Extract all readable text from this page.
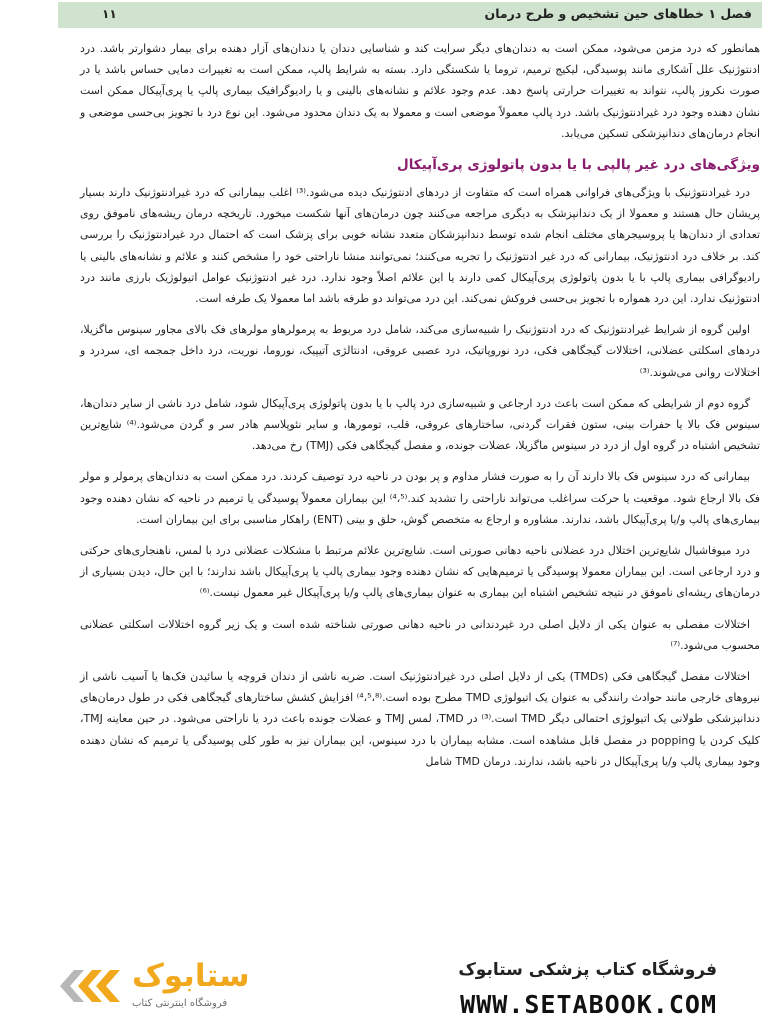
فصل ۱ خطاهای حین تشخیص و طرح درمان
۱۱

همانطور که درد مزمن می‌شود، ممکن است به دندان‌های دیگر سرایت کند و شناسایی دندان یا دندان‌های آزار دهنده برای بیمار دشوارتر باشد. درد ادنتوژنیک علل آشکاری مانند پوسیدگی، لیکیج ترمیم، تروما یا شکستگی دارد. بسته به شرایط پالپ، ممکن است به تغییرات دمایی حساس باشد یا در صورت نکروز پالپ، نتواند به تغییرات حرارتی پاسخ دهد. عدم وجود علائم و نشانه‌های بالینی و یا رادیوگرافیک بیماری پالپ یا پری‌آپیکال ممکن است نشان دهنده وجود درد غیرادنتوژنیک باشد. درد پالپ معمولاً موضعی است و معمولا به یک دندان محدود می‌شود. این نوع درد با تجویز بی‌حسی موضعی و انجام درمان‌های دندانپزشکی تسکین می‌یابد.

ویژگی‌های درد غیر پالپی با یا بدون پاتولوژی پری‌آپیکال

درد غیرادنتوژنیک با ویژگی‌های فراوانی همراه است که متفاوت از دردهای ادنتوژنیک دیده می‌شود.⁽³⁾ اغلب بیمارانی که درد غیرادنتوژنیک دارند بسیار پریشان حال هستند و معمولا از یک دندانپزشک به دیگری مراجعه می‌کنند چون درمان‌های آنها شکست میخورد. تاریخچه درمان ریشه‌های ناموفق روی تعدادی از دندان‌ها یا پروسیجرهای مختلف انجام شده توسط دندانپزشکان متعدد نشانه خوبی برای پزشک است که احتمال درد غیرادنتوژنیک را بررسی کند. بر خلاف درد ادنتوژنیک، بیمارانی که درد غیر ادنتوژنیک را تجربه می‌کنند؛ نمی‌توانند منشا ناراحتی خود را مشخص کنند و علائم و نشانه‌های بالینی یا رادیوگرافی بیماری پالپ با یا بدون پاتولوژی پری‌آپیکال کمی دارند یا این علائم اصلاً وجود ندارد. درد غیر ادنتوژنیک عوامل اتیولوژیک بارزی مانند درد ادنتوژنیک ندارد. این درد همواره با تجویز بی‌حسی فروکش نمی‌کند. این درد می‌تواند دو طرفه باشد اما معمولا یک طرفه است.

اولین گروه از شرایط غیرادنتوژنیک که درد ادنتوژنیک را شبیه‌سازی می‌کند، شامل درد مربوط به پرمولرهاو مولرهای فک بالای مجاور سینوس ماگزیلا، دردهای اسکلتی عضلانی، اختلالات گیجگاهی فکی، درد نوروپاتیک، درد عصبی عروقی، ادنتالژی آتیپیک، نوروما، نوریت، درد داخل جمجمه ای، سردرد و اختلالات روانی می‌شوند.⁽³⁾

گروه دوم از شرایطی که ممکن است باعث درد ارجاعی و شبیه‌سازی درد پالپ با یا بدون پاتولوژی پری‌آپیکال شود، شامل درد ناشی از سایر دندان‌ها، سینوس فک بالا یا حفرات بینی، ستون فقرات گردنی، ساختارهای عروقی، قلب، تومورها، و سایر نئوپلاسم هادر سر و گردن می‌شود.⁽⁴⁾ شایع‌ترین تشخیص اشتباه در گروه اول از درد در سینوس ماگزیلا، عضلات جونده، و مفصل گیجگاهی فکی (TMJ) رخ می‌دهد.

بیمارانی که درد سینوس فک بالا دارند آن را به صورت فشار مداوم و پر بودن در ناحیه درد توصیف کردند. درد ممکن است به دندان‌های پرمولر و مولر فک بالا ارجاع شود. موقعیت یا حرکت سرا‌غلب می‌تواند ناراحتی را تشدید کند.⁽⁴،⁵⁾ این بیماران معمولاً پوسیدگی یا ترمیم در ناحیه که نشان دهنده وجود بیماری‌های پالپ و/یا پری‌آپیکال باشد، ندارند. مشاوره و ارجاع به متخصص گوش، حلق و بینی (ENT) راهکار مناسبی برای این بیماران است.

درد میوفاشیال شایع‌ترین اختلال درد عضلانی ناحیه دهانی صورتی است. شایع‌ترین علائم مرتبط با مشکلات عضلانی درد با لمس، ناهنجاری‌های حرکتی و درد ارجاعی است. این بیماران معمولا پوسیدگی یا ترمیم‌هایی که نشان دهنده وجود بیماری پالپ یا پری‌آپیکال باشد ندارند؛ با این حال، دیدن بسیاری از درمان‌های ریشه‌ای ناموفق در نتیجه تشخیص اشتباه این بیماری به عنوان بیماری‌های پالپ و/یا پری‌آپیکال غیر معمول نیست.⁽⁶⁾

اختلالات مفصلی به عنوان یکی از دلایل اصلی درد غیردندانی در ناحیه دهانی صورتی شناخته شده است و یک زیر گروه اختلالات اسکلتی عضلانی محسوب می‌شود.⁽⁷⁾

اختلالات مفصل گیجگاهی فکی (TMDs) یکی از دلایل اصلی درد غیرادنتوژنیک است. ضربه ناشی از دندان قروچه یا سائیدن فک‌ها یا آسیب ناشی از نیروهای خارجی مانند حوادث رانندگی به عنوان یک اتیولوژی TMD مطرح بوده است.⁽⁴،⁵،⁸⁾ افزایش کشش ساختارهای گیجگاهی فکی در طول درمان‌های دندانپزشکی طولانی یک اتیولوژی احتمالی دیگر TMD است.⁽³⁾ در TMD، لمس TMJ و عضلات جونده باعث درد یا ناراحتی می‌شود. در حین معاینه TMJ، کلیک کردن یا popping در مفصل قابل مشاهده است. مشابه بیماران با درد سینوس، این بیماران نیز به طور کلی پوسیدگی یا ترمیم که نشان دهنده وجود بیماری پالپ و/یا پری‌آپیکال در ناحیه باشد، ندارند. درمان TMD شامل

ستابوک
فروشگاه اینترنتی کتاب
فروشگاه کتاب پزشکی ستابوک
WWW.SETABOOK.COM
